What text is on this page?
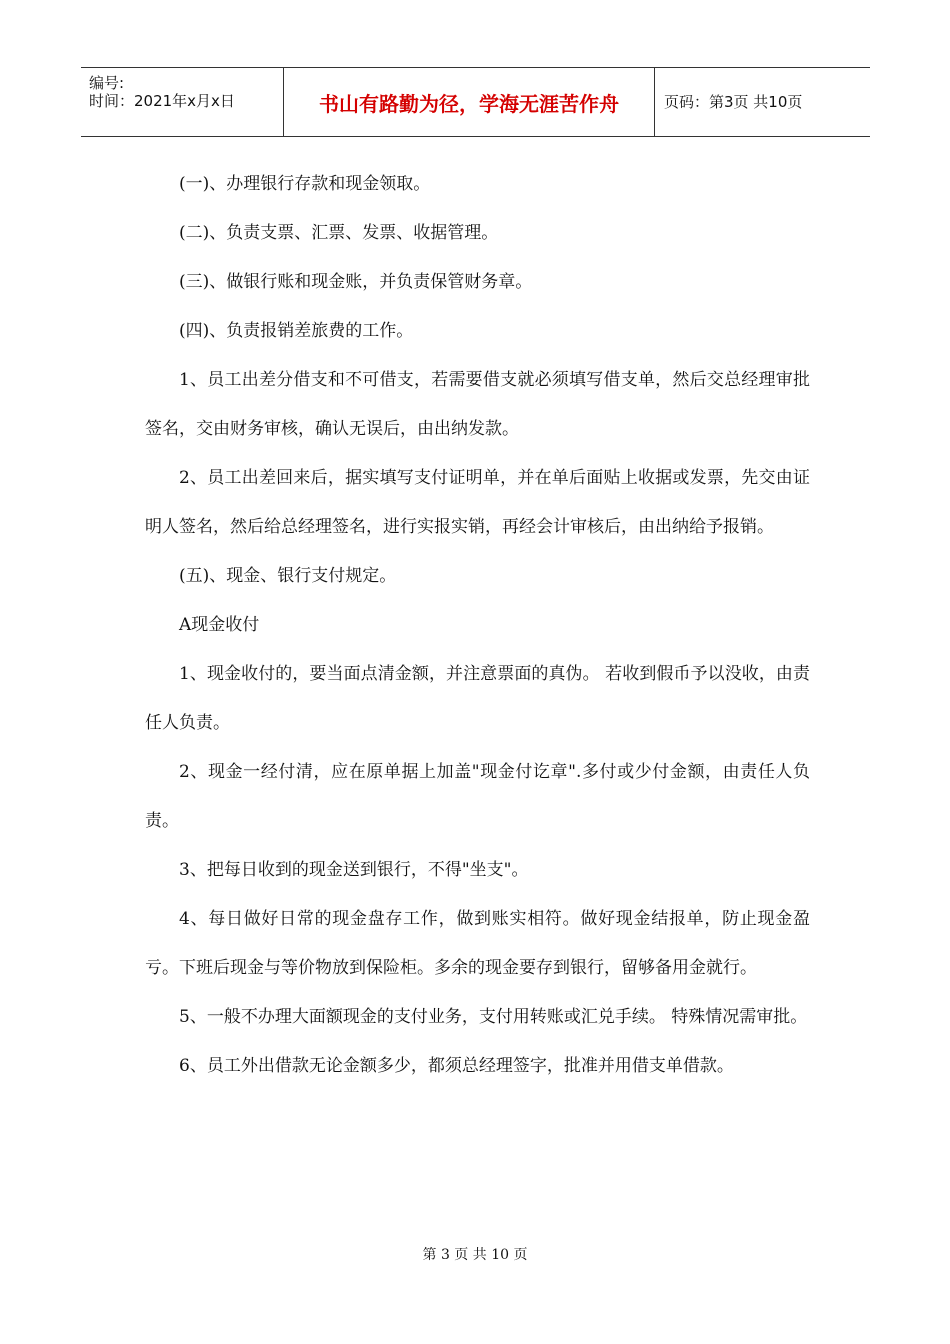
编号:
时间：2021年x月x日	书山有路勤为径，学海无涯苦作舟	页码：第3页 共10页

(一)、办理银行存款和现金领取。

(二)、负责支票、汇票、发票、收据管理。

(三)、做银行账和现金账，并负责保管财务章。

(四)、负责报销差旅费的工作。

1、员工出差分借支和不可借支，若需要借支就必须填写借支单，然后交总经理审批签名，交由财务审核，确认无误后，由出纳发款。

2、员工出差回来后，据实填写支付证明单，并在单后面贴上收据或发票，先交由证明人签名，然后给总经理签名，进行实报实销，再经会计审核后，由出纳给予报销。

(五)、现金、银行支付规定。

A现金收付

1、现金收付的，要当面点清金额，并注意票面的真伪。 若收到假币予以没收，由责任人负责。

2、现金一经付清，应在原单据上加盖"现金付讫章".多付或少付金额，由责任人负责。

3、把每日收到的现金送到银行，不得"坐支"。

4、每日做好日常的现金盘存工作，做到账实相符。做好现金结报单，防止现金盈亏。下班后现金与等价物放到保险柜。多余的现金要存到银行，留够备用金就行。

5、一般不办理大面额现金的支付业务，支付用转账或汇兑手续。 特殊情况需审批。

6、员工外出借款无论金额多少，都须总经理签字，批准并用借支单借款。

第 3 页 共 10 页
